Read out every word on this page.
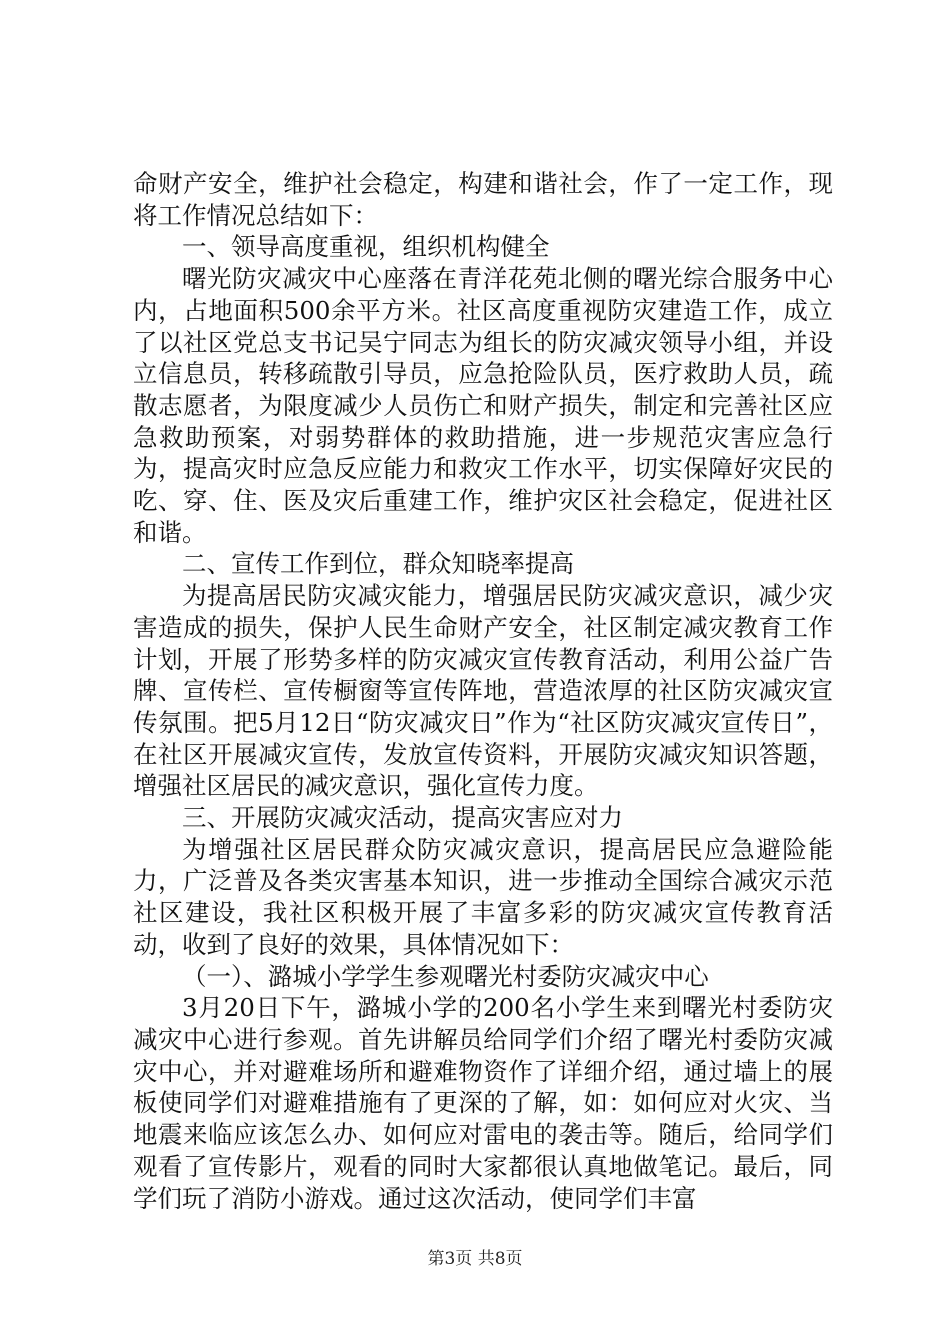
命财产安全，维护社会稳定，构建和谐社会，作了一定工作，现将工作情况总结如下：

一、领导高度重视，组织机构健全

曙光防灾减灾中心座落在青洋花苑北侧的曙光综合服务中心内，占地面积500余平方米。社区高度重视防灾建造工作，成立了以社区党总支书记吴宁同志为组长的防灾减灾领导小组，并设立信息员，转移疏散引导员，应急抢险队员，医疗救助人员，疏散志愿者，为限度减少人员伤亡和财产损失，制定和完善社区应急救助预案，对弱势群体的救助措施，进一步规范灾害应急行为，提高灾时应急反应能力和救灾工作水平，切实保障好灾民的吃、穿、住、医及灾后重建工作，维护灾区社会稳定，促进社区和谐。

二、宣传工作到位，群众知晓率提高

为提高居民防灾减灾能力，增强居民防灾减灾意识，减少灾害造成的损失，保护人民生命财产安全，社区制定减灾教育工作计划，开展了形势多样的防灾减灾宣传教育活动，利用公益广告牌、宣传栏、宣传橱窗等宣传阵地，营造浓厚的社区防灾减灾宣传氛围。把5月12日“防灾减灾日”作为“社区防灾减灾宣传日”，在社区开展减灾宣传，发放宣传资料，开展防灾减灾知识答题，增强社区居民的减灾意识，强化宣传力度。

三、开展防灾减灾活动，提高灾害应对力

为增强社区居民群众防灾减灾意识，提高居民应急避险能力，广泛普及各类灾害基本知识，进一步推动全国综合减灾示范社区建设，我社区积极开展了丰富多彩的防灾减灾宣传教育活动，收到了良好的效果，具体情况如下：

（一）、潞城小学学生参观曙光村委防灾减灾中心

3月20日下午，潞城小学的200名小学生来到曙光村委防灾减灾中心进行参观。首先讲解员给同学们介绍了曙光村委防灾减灾中心，并对避难场所和避难物资作了详细介绍，通过墙上的展板使同学们对避难措施有了更深的了解，如：如何应对火灾、当地震来临应该怎么办、如何应对雷电的袭击等。随后，给同学们观看了宣传影片，观看的同时大家都很认真地做笔记。最后，同学们玩了消防小游戏。通过这次活动，使同学们丰富

第3页 共8页
